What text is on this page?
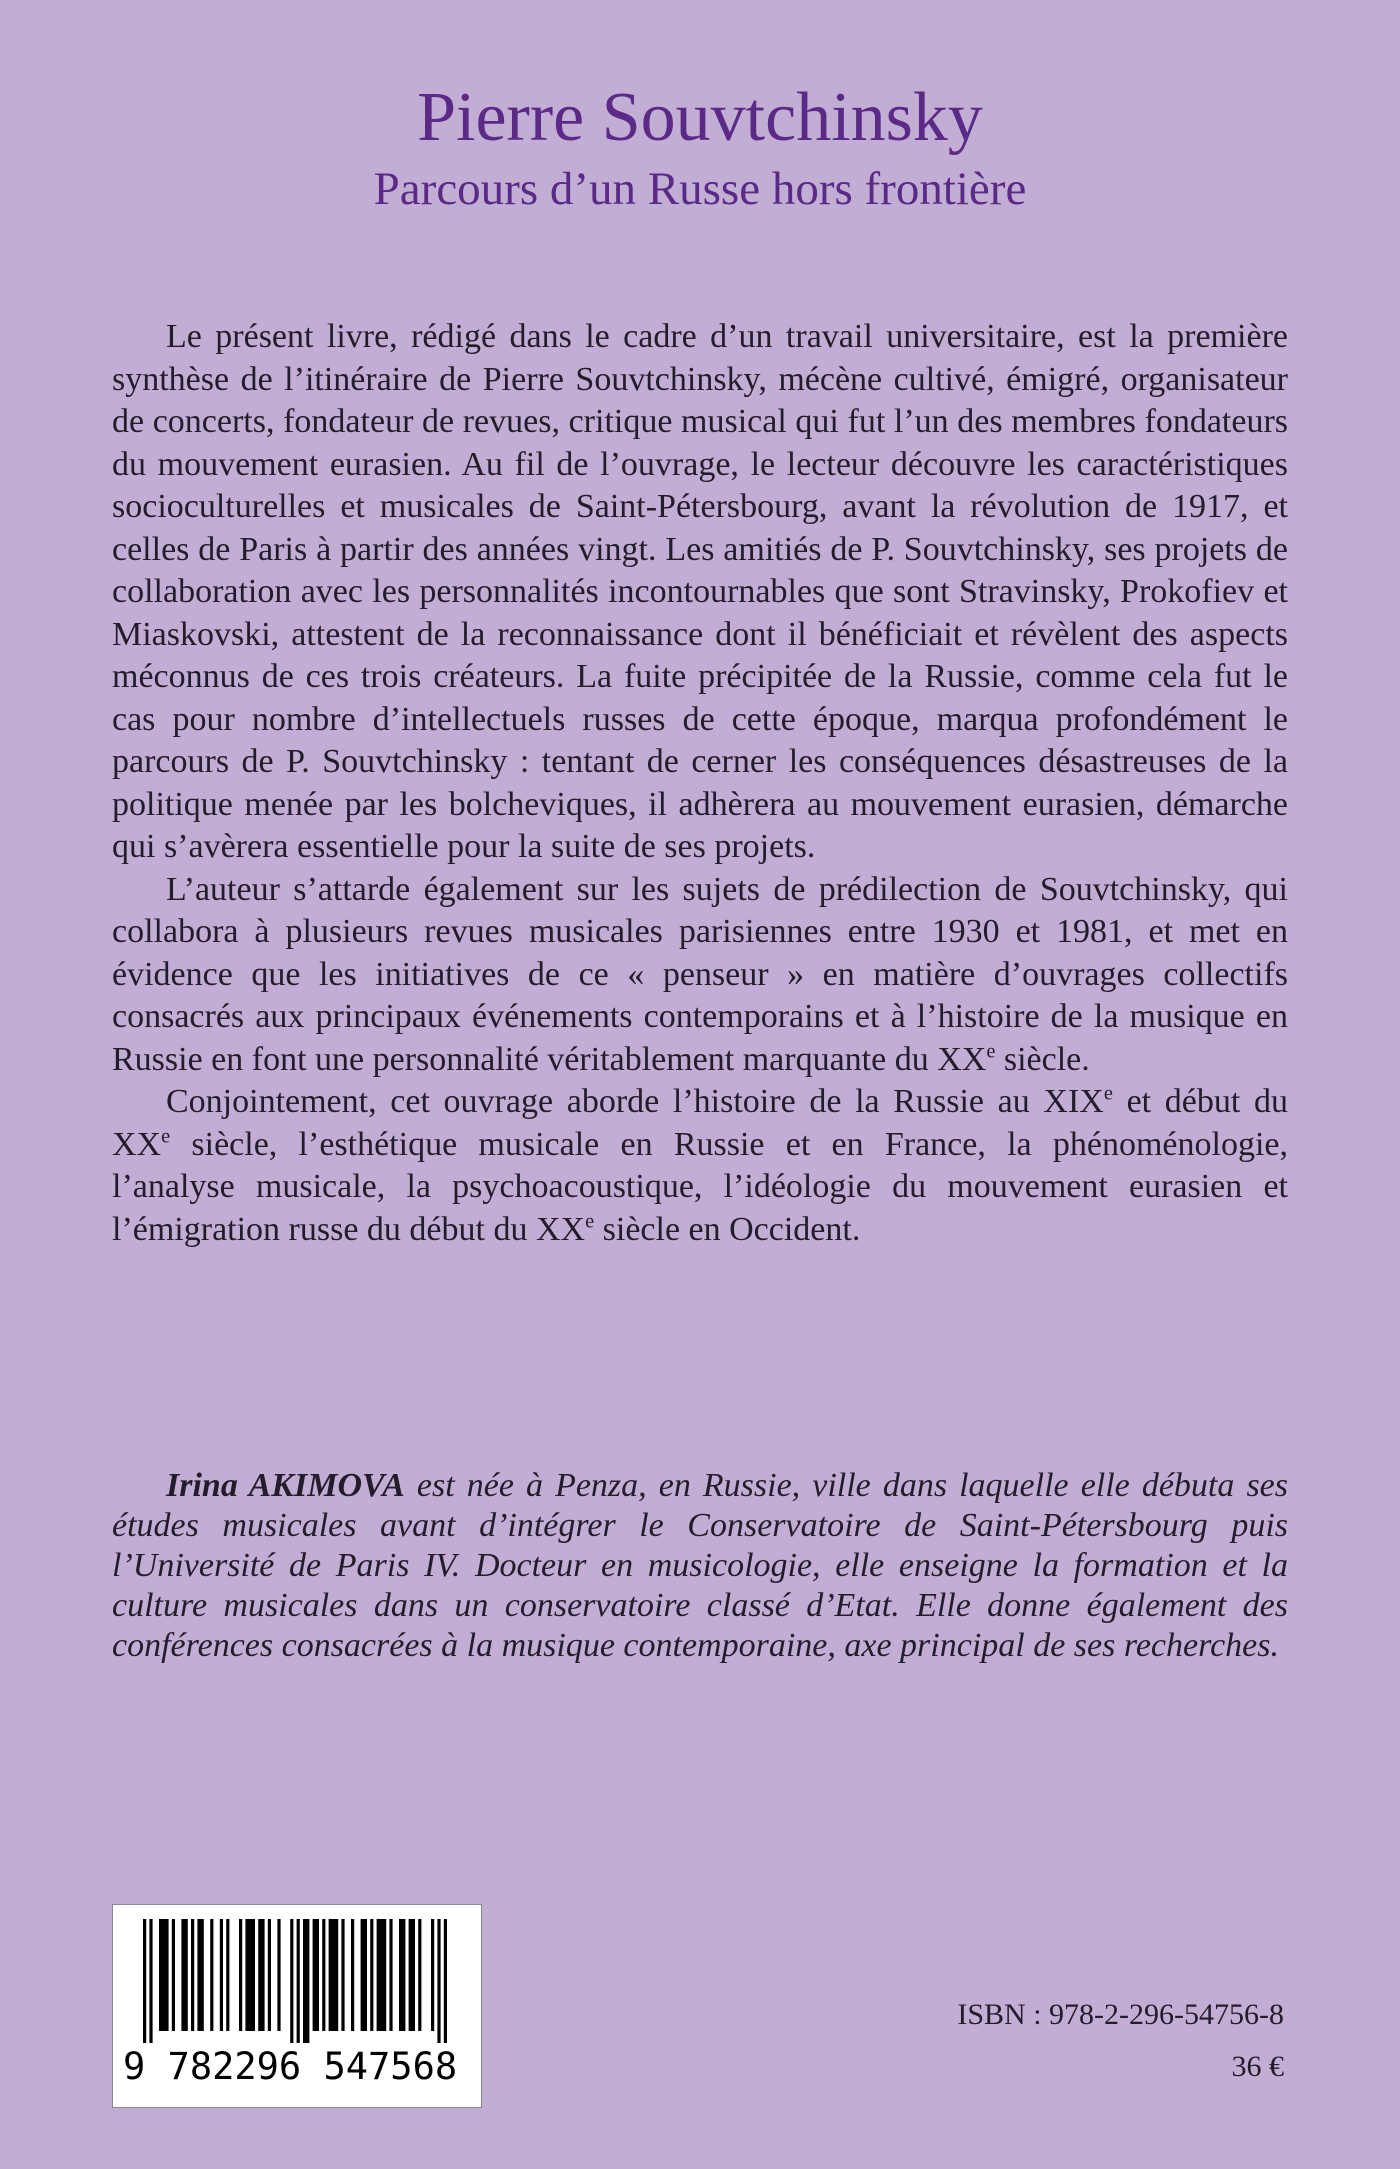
Pierre Souvtchinsky
Parcours d’un Russe hors frontière

Le présent livre, rédigé dans le cadre d’un travail universitaire, est la première synthèse de l’itinéraire de Pierre Souvtchinsky, mécène cultivé, émigré, organisateur de concerts, fondateur de revues, critique musical qui fut l’un des membres fondateurs du mouvement eurasien. Au fil de l’ouvrage, le lecteur découvre les caractéristiques socioculturelles et musicales de Saint-Pétersbourg, avant la révolution de 1917, et celles de Paris à partir des années vingt. Les amitiés de P. Souvtchinsky, ses projets de collaboration avec les personnalités incontournables que sont Stravinsky, Prokofiev et Miaskovski, attestent de la reconnaissance dont il bénéficiait et révèlent des aspects méconnus de ces trois créateurs. La fuite précipitée de la Russie, comme cela fut le cas pour nombre d’intellectuels russes de cette époque, marqua profondément le parcours de P. Souvtchinsky : tentant de cerner les conséquences désastreuses de la politique menée par les bolcheviques, il adhèrera au mouvement eurasien, démarche qui s’avèrera essentielle pour la suite de ses projets.

L’auteur s’attarde également sur les sujets de prédilection de Souvtchinsky, qui collabora à plusieurs revues musicales parisiennes entre 1930 et 1981, et met en évidence que les initiatives de ce « penseur » en matière d’ouvrages collectifs consacrés aux principaux événements contemporains et à l’histoire de la musique en Russie en font une personnalité véritablement marquante du XXe siècle.

Conjointement, cet ouvrage aborde l’histoire de la Russie au XIXe et début du XXe siècle, l’esthétique musicale en Russie et en France, la phénoménologie, l’analyse musicale, la psychoacoustique, l’idéologie du mouvement eurasien et l’émigration russe du début du XXe siècle en Occident.

Irina AKIMOVA est née à Penza, en Russie, ville dans laquelle elle débuta ses études musicales avant d’intégrer le Conservatoire de Saint-Pétersbourg puis l’Université de Paris IV. Docteur en musicologie, elle enseigne la formation et la culture musicales dans un conservatoire classé d’Etat. Elle donne également des conférences consacrées à la musique contemporaine, axe principal de ses recherches.

9 782296 547568
ISBN : 978-2-296-54756-8
36 €
